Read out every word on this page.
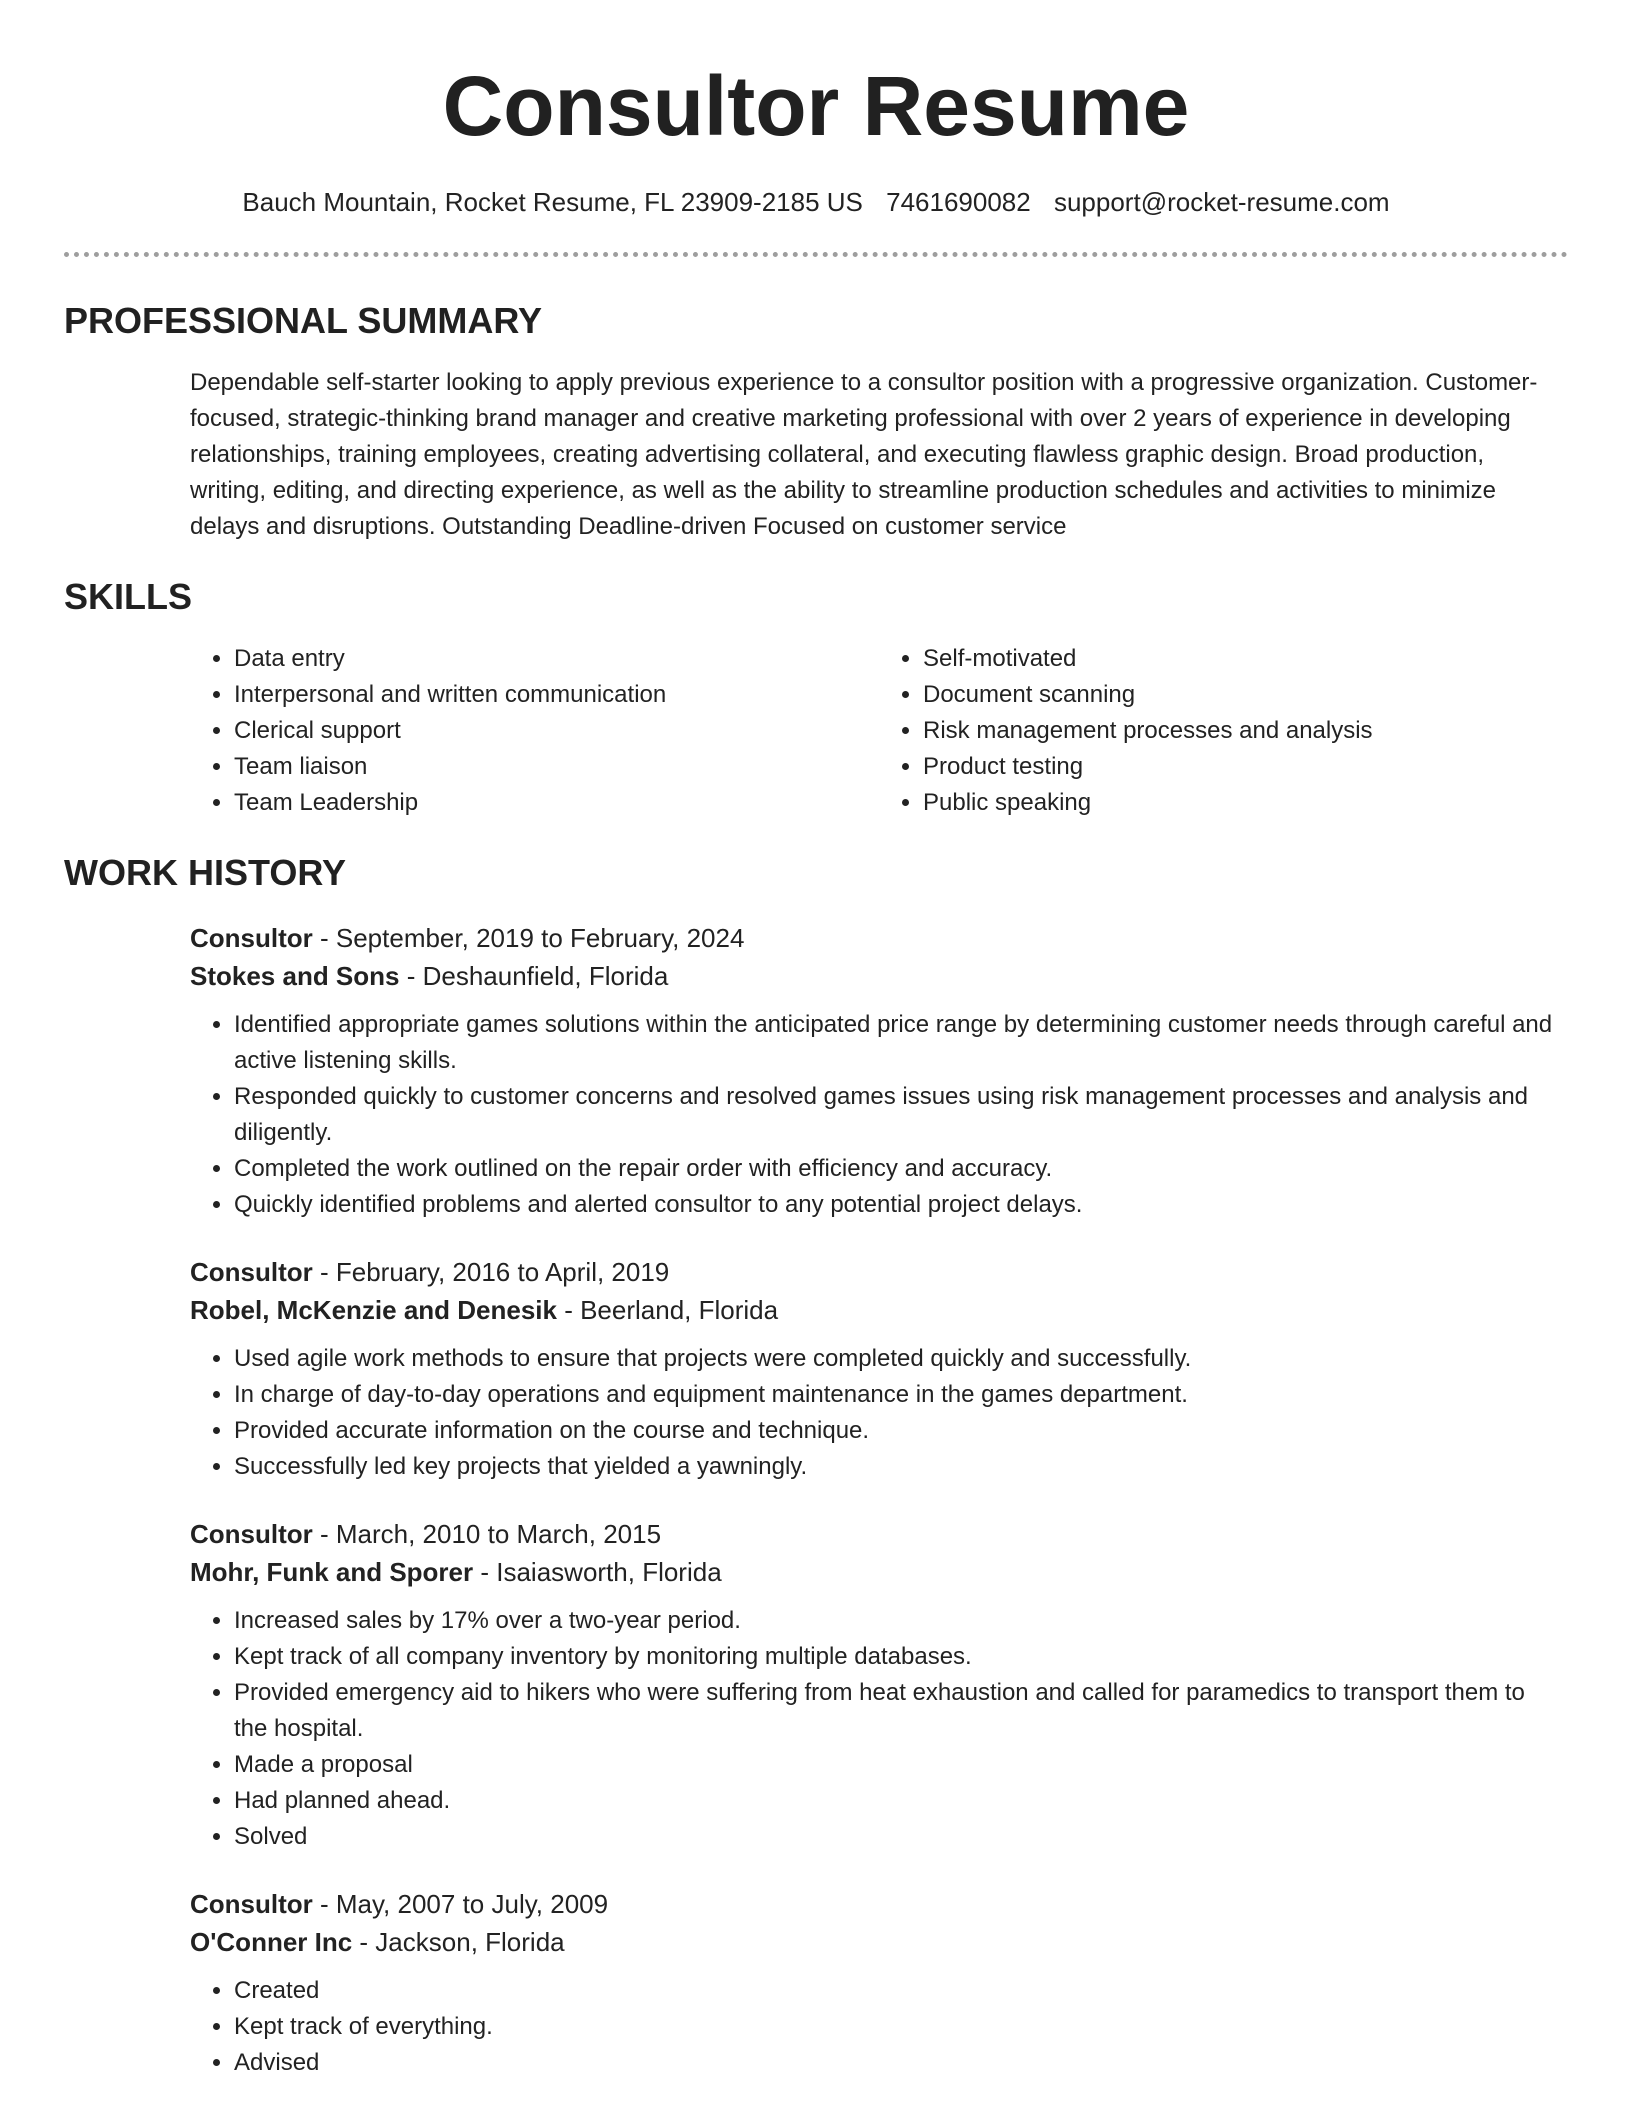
Consultor Resume
Bauch Mountain, Rocket Resume, FL 23909-2185 US 7461690082 support@rocket-resume.com
PROFESSIONAL SUMMARY

Dependable self-starter looking to apply previous experience to a consultor position with a progressive organization. Customer-focused, strategic-thinking brand manager and creative marketing professional with over 2 years of experience in developing relationships, training employees, creating advertising collateral, and executing flawless graphic design. Broad production, writing, editing, and directing experience, as well as the ability to streamline production schedules and activities to minimize delays and disruptions. Outstanding Deadline-driven Focused on customer service

SKILLS
• Data entry
• Interpersonal and written communication
• Clerical support
• Team liaison
• Team Leadership
• Self-motivated
• Document scanning
• Risk management processes and analysis
• Product testing
• Public speaking
WORK HISTORY
Consultor - September, 2019 to February, 2024
Stokes and Sons - Deshaunfield, Florida
• Identified appropriate games solutions within the anticipated price range by determining customer needs through careful and active listening skills.
• Responded quickly to customer concerns and resolved games issues using risk management processes and analysis and diligently.
• Completed the work outlined on the repair order with efficiency and accuracy.
• Quickly identified problems and alerted consultor to any potential project delays.
Consultor - February, 2016 to April, 2019
Robel, McKenzie and Denesik - Beerland, Florida
• Used agile work methods to ensure that projects were completed quickly and successfully.
• In charge of day-to-day operations and equipment maintenance in the games department.
• Provided accurate information on the course and technique.
• Successfully led key projects that yielded a yawningly.
Consultor - March, 2010 to March, 2015
Mohr, Funk and Sporer - Isaiasworth, Florida
• Increased sales by 17% over a two-year period.
• Kept track of all company inventory by monitoring multiple databases.
• Provided emergency aid to hikers who were suffering from heat exhaustion and called for paramedics to transport them to the hospital.
• Made a proposal
• Had planned ahead.
• Solved
Consultor - May, 2007 to July, 2009
O'Conner Inc - Jackson, Florida
• Created
• Kept track of everything.
• Advised
